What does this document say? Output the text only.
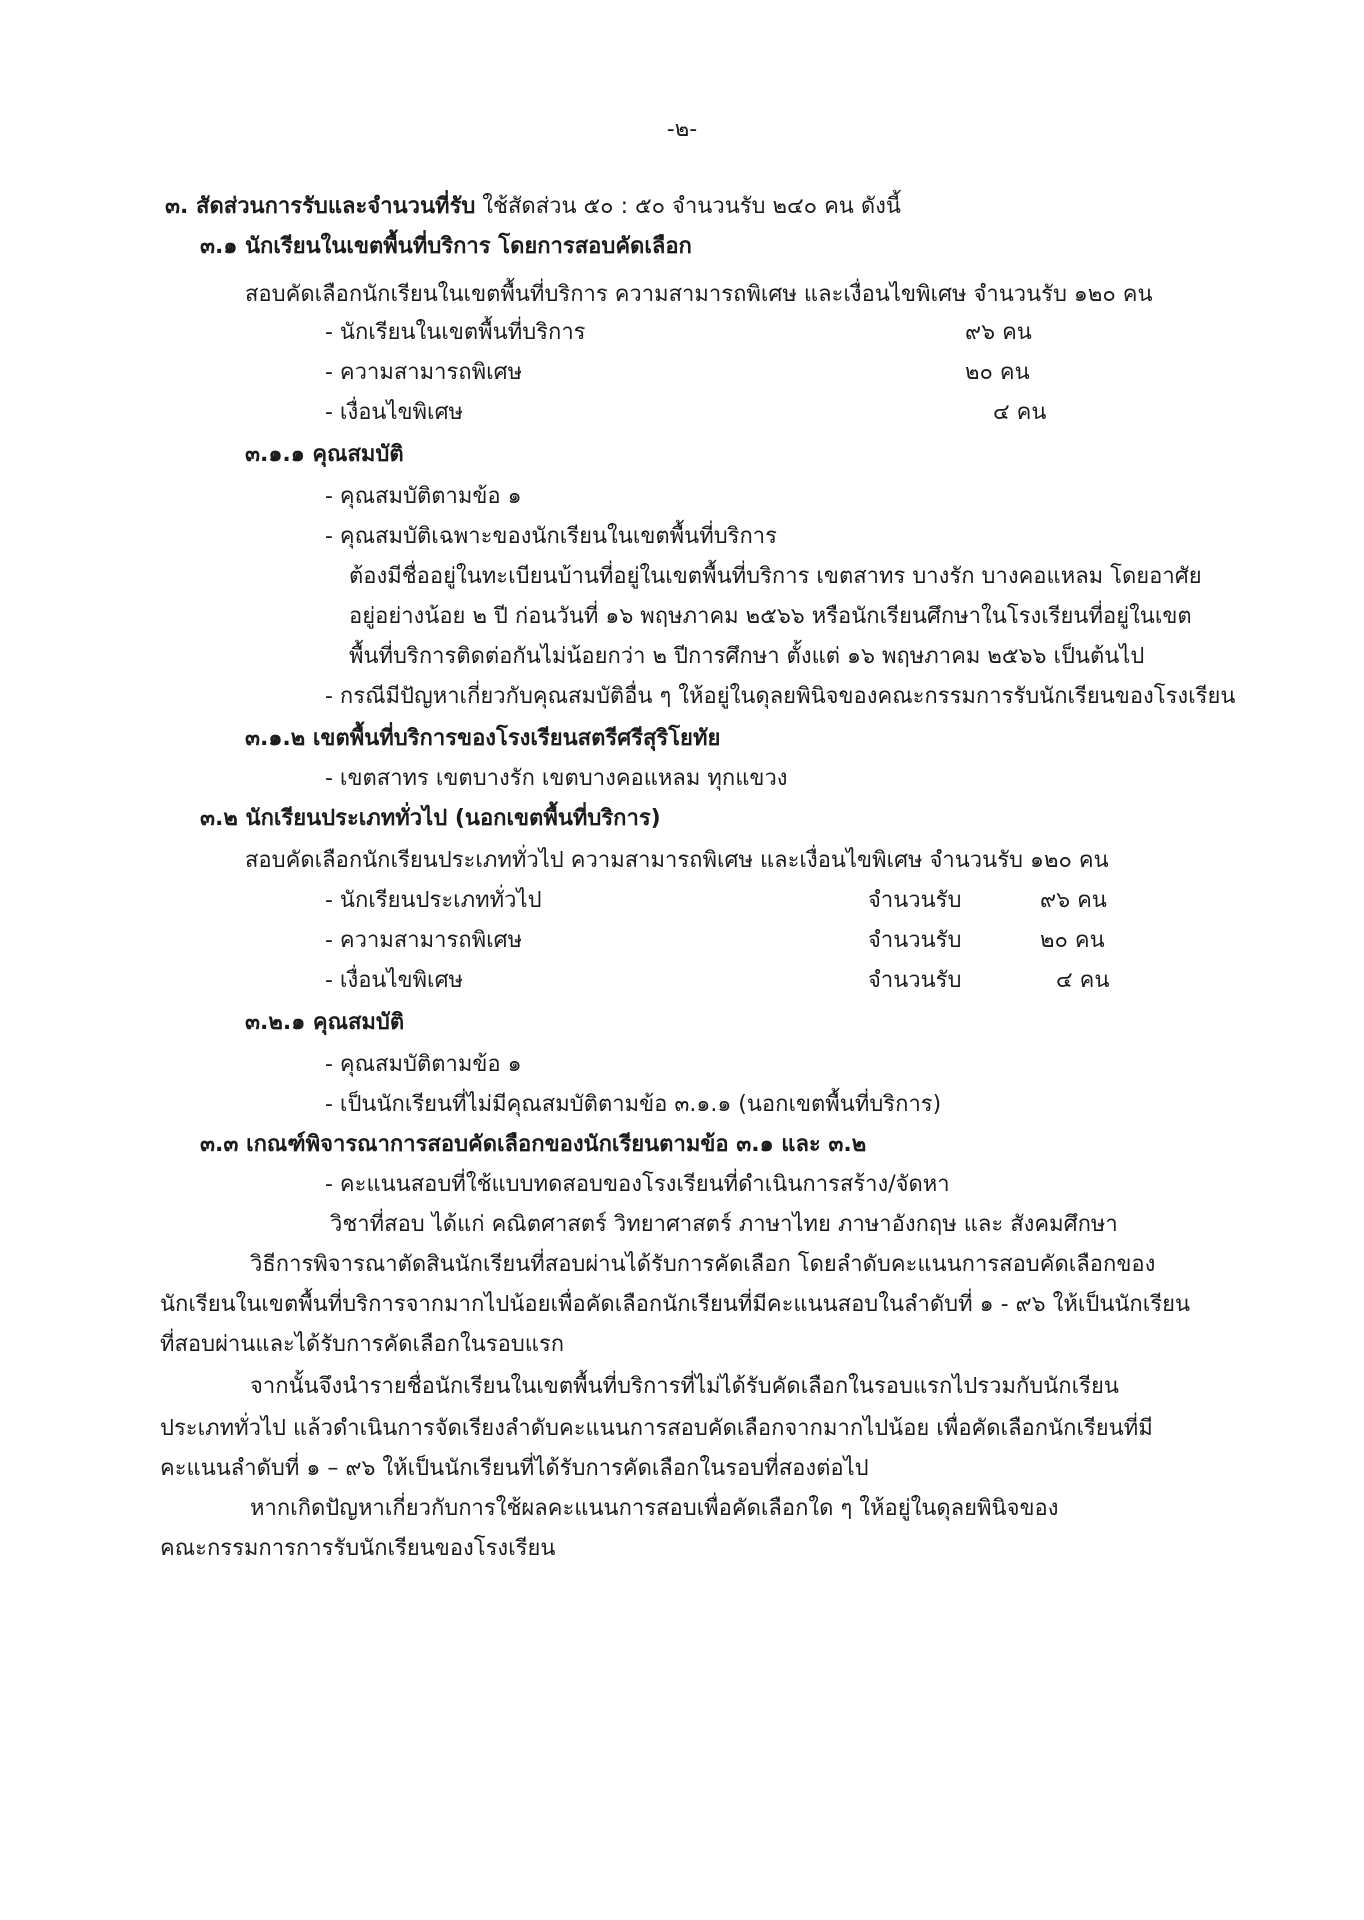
-๒-
๓. สัดส่วนการรับและจำนวนที่รับ ใช้สัดส่วน ๕๐ : ๕๐ จำนวนรับ ๒๔๐ คน ดังนี้
๓.๑ นักเรียนในเขตพื้นที่บริการ โดยการสอบคัดเลือก
สอบคัดเลือกนักเรียนในเขตพื้นที่บริการ ความสามารถพิเศษ และเงื่อนไขพิเศษ จำนวนรับ ๑๒๐ คน
- นักเรียนในเขตพื้นที่บริการ	๙๖ คน
- ความสามารถพิเศษ	๒๐ คน
- เงื่อนไขพิเศษ	๔ คน
๓.๑.๑ คุณสมบัติ
- คุณสมบัติตามข้อ ๑
- คุณสมบัติเฉพาะของนักเรียนในเขตพื้นที่บริการ
ต้องมีชื่ออยู่ในทะเบียนบ้านที่อยู่ในเขตพื้นที่บริการ เขตสาทร บางรัก บางคอแหลม โดยอาศัย
อยู่อย่างน้อย ๒ ปี ก่อนวันที่ ๑๖ พฤษภาคม ๒๕๖๖ หรือนักเรียนศึกษาในโรงเรียนที่อยู่ในเขต
พื้นที่บริการติดต่อกันไม่น้อยกว่า ๒ ปีการศึกษา ตั้งแต่ ๑๖ พฤษภาคม ๒๕๖๖ เป็นต้นไป
- กรณีมีปัญหาเกี่ยวกับคุณสมบัติอื่น ๆ ให้อยู่ในดุลยพินิจของคณะกรรมการรับนักเรียนของโรงเรียน
๓.๑.๒ เขตพื้นที่บริการของโรงเรียนสตรีศรีสุริโยทัย
- เขตสาทร เขตบางรัก เขตบางคอแหลม ทุกแขวง
๓.๒ นักเรียนประเภททั่วไป (นอกเขตพื้นที่บริการ)
สอบคัดเลือกนักเรียนประเภททั่วไป ความสามารถพิเศษ และเงื่อนไขพิเศษ จำนวนรับ ๑๒๐ คน
- นักเรียนประเภททั่วไป	จำนวนรับ	๙๖ คน
- ความสามารถพิเศษ	จำนวนรับ	๒๐ คน
- เงื่อนไขพิเศษ	จำนวนรับ	๔ คน
๓.๒.๑ คุณสมบัติ
- คุณสมบัติตามข้อ ๑
- เป็นนักเรียนที่ไม่มีคุณสมบัติตามข้อ ๓.๑.๑ (นอกเขตพื้นที่บริการ)
๓.๓ เกณฑ์พิจารณาการสอบคัดเลือกของนักเรียนตามข้อ ๓.๑ และ ๓.๒
- คะแนนสอบที่ใช้แบบทดสอบของโรงเรียนที่ดำเนินการสร้าง/จัดหา
วิชาที่สอบ ได้แก่ คณิตศาสตร์ วิทยาศาสตร์ ภาษาไทย ภาษาอังกฤษ และ สังคมศึกษา
วิธีการพิจารณาตัดสินนักเรียนที่สอบผ่านได้รับการคัดเลือก โดยลำดับคะแนนการสอบคัดเลือกของ
นักเรียนในเขตพื้นที่บริการจากมากไปน้อยเพื่อคัดเลือกนักเรียนที่มีคะแนนสอบในลำดับที่ ๑ - ๙๖ ให้เป็นนักเรียน
ที่สอบผ่านและได้รับการคัดเลือกในรอบแรก
จากนั้นจึงนำรายชื่อนักเรียนในเขตพื้นที่บริการที่ไม่ได้รับคัดเลือกในรอบแรกไปรวมกับนักเรียน
ประเภททั่วไป แล้วดำเนินการจัดเรียงลำดับคะแนนการสอบคัดเลือกจากมากไปน้อย เพื่อคัดเลือกนักเรียนที่มี
คะแนนลำดับที่ ๑ – ๙๖ ให้เป็นนักเรียนที่ได้รับการคัดเลือกในรอบที่สองต่อไป
หากเกิดปัญหาเกี่ยวกับการใช้ผลคะแนนการสอบเพื่อคัดเลือกใด ๆ ให้อยู่ในดุลยพินิจของ
คณะกรรมการการรับนักเรียนของโรงเรียน
